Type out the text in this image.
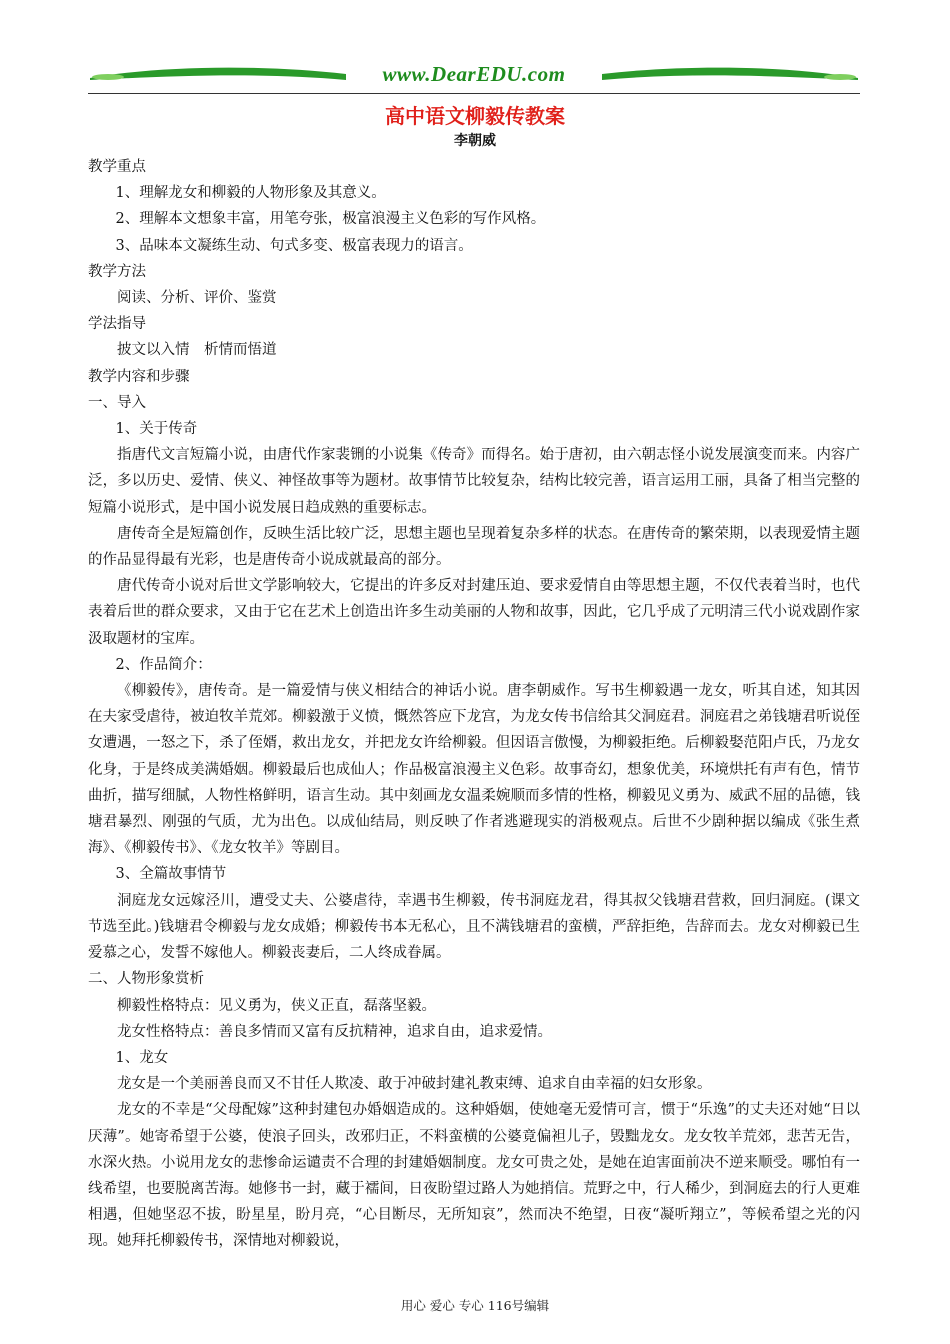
www.DearEDU.com
高中语文柳毅传教案
李朝威

教学重点

1、理解龙女和柳毅的人物形象及其意义。

2、理解本文想象丰富，用笔夸张，极富浪漫主义色彩的写作风格。

3、品味本文凝练生动、句式多变、极富表现力的语言。

教学方法

阅读、分析、评价、鉴赏

学法指导

披文以入情　析情而悟道

教学内容和步骤

一、导入

1、关于传奇

指唐代文言短篇小说，由唐代作家裴铏的小说集《传奇》而得名。始于唐初，由六朝志怪小说发展演变而来。内容广泛，多以历史、爱情、侠义、神怪故事等为题材。故事情节比较复杂，结构比较完善，语言运用工丽，具备了相当完整的短篇小说形式，是中国小说发展日趋成熟的重要标志。

唐传奇全是短篇创作，反映生活比较广泛，思想主题也呈现着复杂多样的状态。在唐传奇的繁荣期，以表现爱情主题的作品显得最有光彩，也是唐传奇小说成就最高的部分。

唐代传奇小说对后世文学影响较大，它提出的许多反对封建压迫、要求爱情自由等思想主题，不仅代表着当时，也代表着后世的群众要求，又由于它在艺术上创造出许多生动美丽的人物和故事，因此，它几乎成了元明清三代小说戏剧作家汲取题材的宝库。

2、作品简介：

《柳毅传》，唐传奇。是一篇爱情与侠义相结合的神话小说。唐李朝威作。写书生柳毅遇一龙女，听其自述，知其因在夫家受虐待，被迫牧羊荒郊。柳毅激于义愤，慨然答应下龙宫，为龙女传书信给其父洞庭君。洞庭君之弟钱塘君听说侄女遭遇，一怒之下，杀了侄婿，救出龙女，并把龙女许给柳毅。但因语言傲慢，为柳毅拒绝。后柳毅娶范阳卢氏，乃龙女化身，于是终成美满婚姻。柳毅最后也成仙人；作品极富浪漫主义色彩。故事奇幻，想象优美，环境烘托有声有色，情节曲折，描写细腻，人物性格鲜明，语言生动。其中刻画龙女温柔婉顺而多情的性格，柳毅见义勇为、威武不屈的品德，钱塘君暴烈、刚强的气质，尤为出色。以成仙结局，则反映了作者逃避现实的消极观点。后世不少剧种据以编成《张生煮海》、《柳毅传书》、《龙女牧羊》等剧目。

3、全篇故事情节

洞庭龙女远嫁泾川，遭受丈夫、公婆虐待，幸遇书生柳毅，传书洞庭龙君，得其叔父钱塘君营救，回归洞庭。(课文节选至此。)钱塘君令柳毅与龙女成婚；柳毅传书本无私心，且不满钱塘君的蛮横，严辞拒绝，告辞而去。龙女对柳毅已生爱慕之心，发誓不嫁他人。柳毅丧妻后，二人终成眷属。

二、人物形象赏析

柳毅性格特点：见义勇为，侠义正直，磊落坚毅。

龙女性格特点：善良多情而又富有反抗精神，追求自由，追求爱情。

1、龙女

龙女是一个美丽善良而又不甘任人欺凌、敢于冲破封建礼教束缚、追求自由幸福的妇女形象。

龙女的不幸是“父母配嫁”这种封建包办婚姻造成的。这种婚姻，使她毫无爱情可言，惯于“乐逸”的丈夫还对她“日以厌薄”。她寄希望于公婆，使浪子回头，改邪归正，不料蛮横的公婆竟偏袒儿子，毁黜龙女。龙女牧羊荒郊，悲苦无告，水深火热。小说用龙女的悲惨命运谴责不合理的封建婚姻制度。龙女可贵之处，是她在迫害面前决不逆来顺受。哪怕有一线希望，也要脱离苦海。她修书一封，藏于襦间，日夜盼望过路人为她捎信。荒野之中，行人稀少，到洞庭去的行人更难相遇，但她坚忍不拔，盼星星，盼月亮，“心目断尽，无所知哀”，然而决不绝望，日夜“凝听翔立”，等候希望之光的闪现。她拜托柳毅传书，深情地对柳毅说，

用心 爱心 专心 116号编辑
